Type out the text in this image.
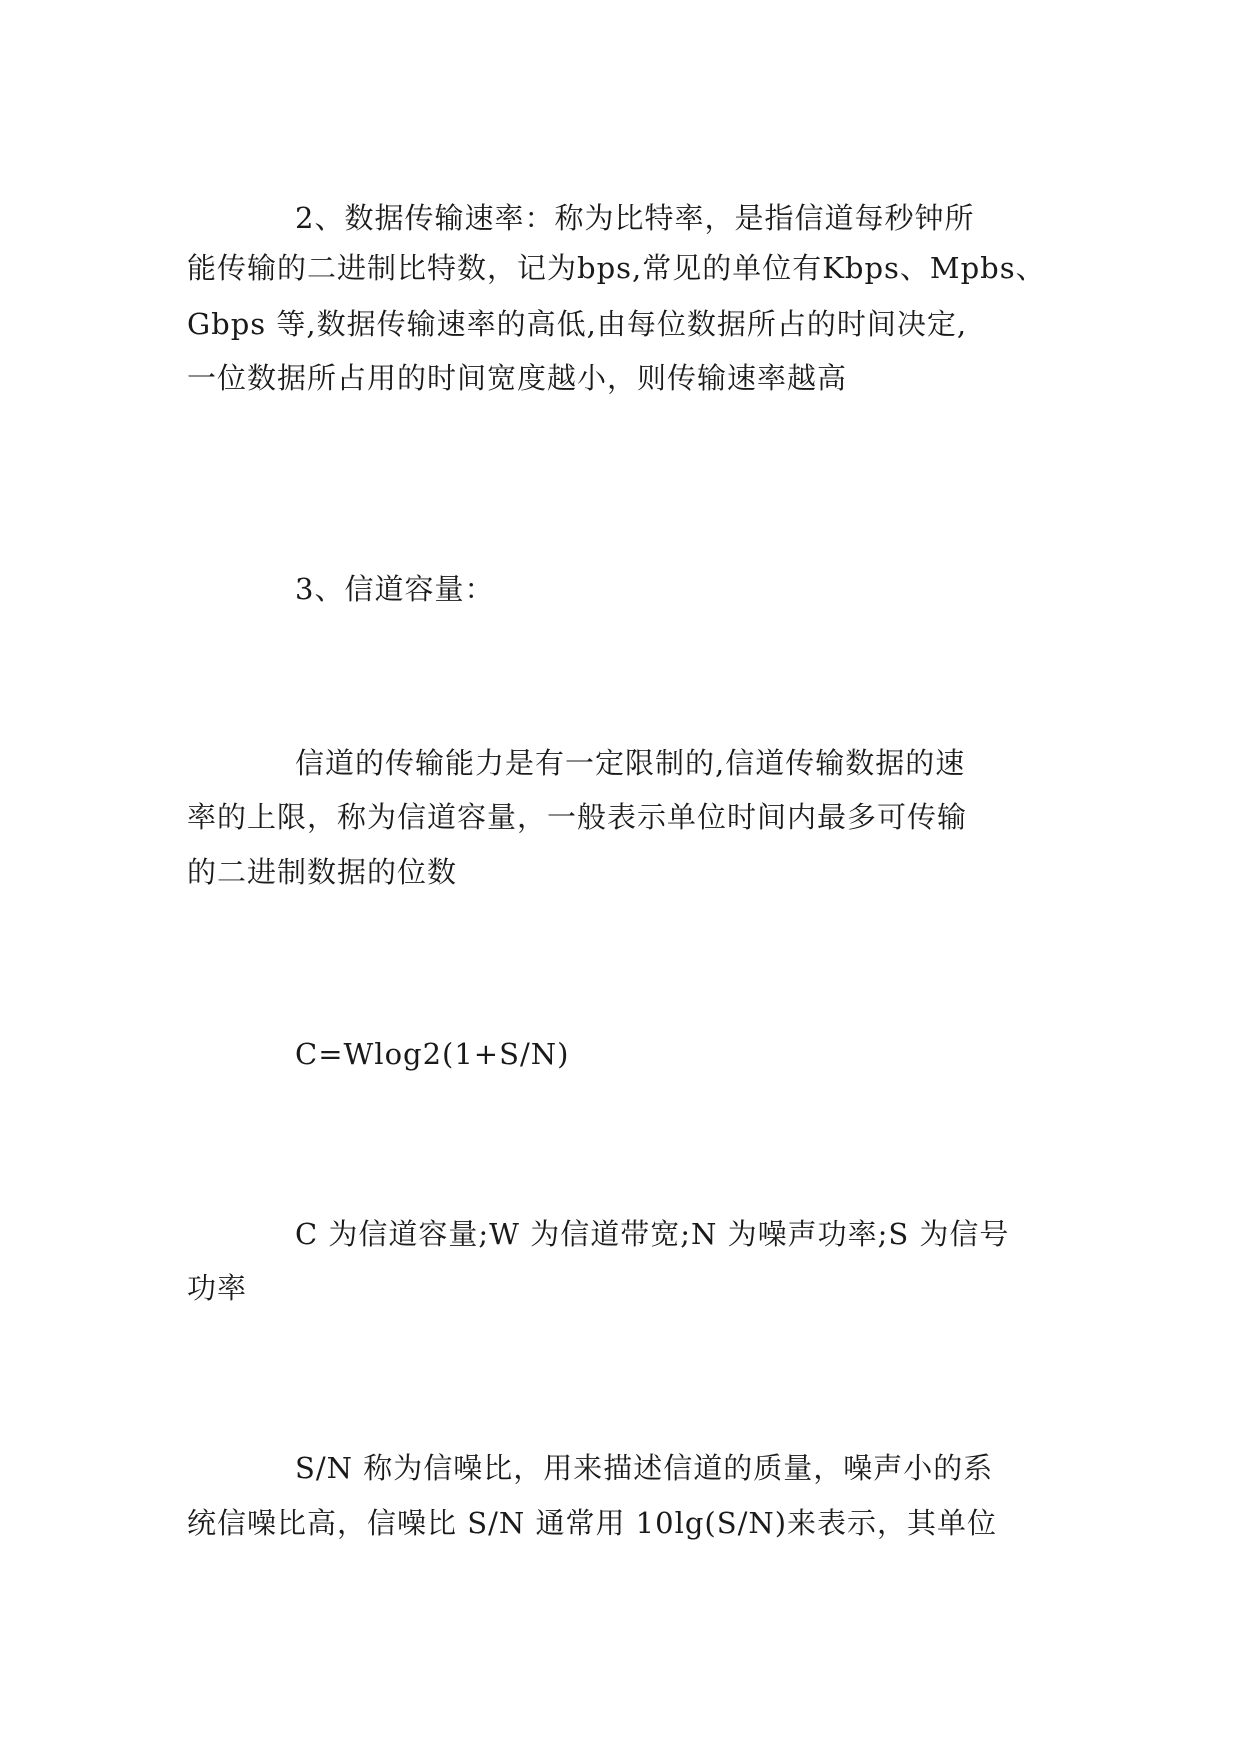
2、数据传输速率：称为比特率，是指信道每秒钟所
能传输的二进制比特数，记为bps,常见的单位有Kbps、Mpbs、
Gbps 等,数据传输速率的高低,由每位数据所占的时间决定,
一位数据所占用的时间宽度越小，则传输速率越高
3、信道容量：
信道的传输能力是有一定限制的,信道传输数据的速
率的上限，称为信道容量，一般表示单位时间内最多可传输
的二进制数据的位数
C=Wlog2(1+S/N)
C 为信道容量;W 为信道带宽;N 为噪声功率;S 为信号
功率
S/N 称为信噪比，用来描述信道的质量，噪声小的系
统信噪比高，信噪比 S/N 通常用 10lg(S/N)来表示，其单位
